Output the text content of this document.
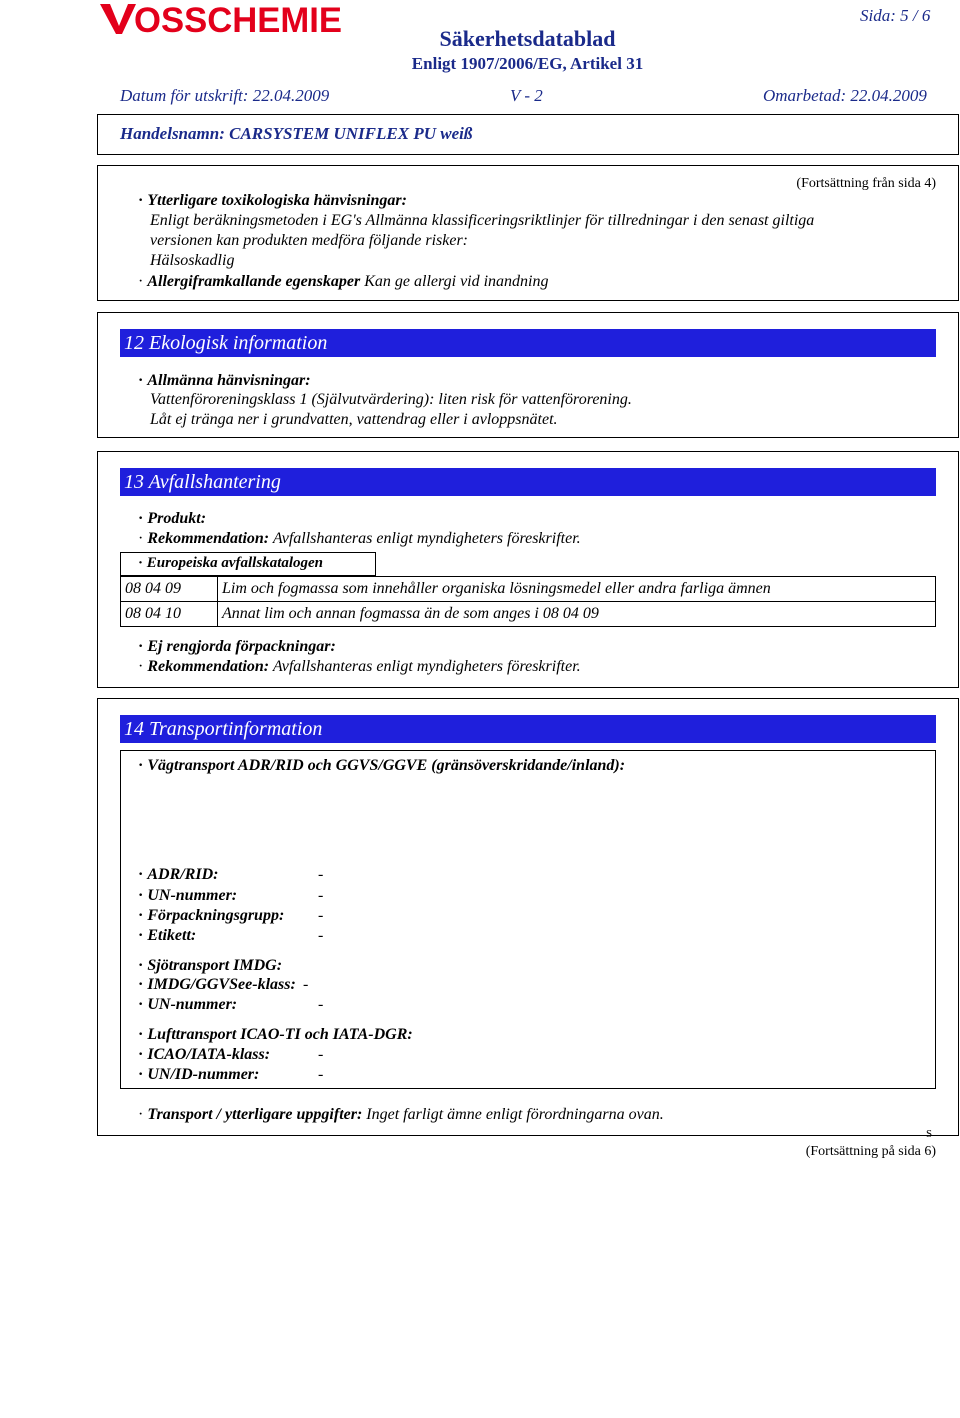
OSSCHEMIE	Sida: 5 / 6
Säkerhetsdatablad
Enligt 1907/2006/EG, Artikel 31
Datum för utskrift: 22.04.2009	V - 2	Omarbetad: 22.04.2009
Handelsnamn: CARSYSTEM UNIFLEX PU weiß
(Fortsättning från sida 4)
· Ytterligare toxikologiska hänvisningar:
Enligt beräkningsmetoden i EG's Allmänna klassificeringsriktlinjer för tillredningar i den senast giltiga
versionen kan produkten medföra följande risker:
Hälsoskadlig
· Allergiframkallande egenskaper Kan ge allergi vid inandning
12 Ekologisk information
· Allmänna hänvisningar:
Vattenföroreningsklass 1 (Självutvärdering): liten risk för vattenförorening.
Låt ej tränga ner i grundvatten, vattendrag eller i avloppsnätet.
13 Avfallshantering
· Produkt:
· Rekommendation: Avfallshanteras enligt myndigheters föreskrifter.
· Europeiska avfallskatalogen
08 04 09	Lim och fogmassa som innehåller organiska lösningsmedel eller andra farliga ämnen
08 04 10	Annat lim och annan fogmassa än de som anges i 08 04 09
· Ej rengjorda förpackningar:
· Rekommendation: Avfallshanteras enligt myndigheters föreskrifter.
14 Transportinformation
· Vägtransport ADR/RID och GGVS/GGVE (gränsöverskridande/inland):
· ADR/RID:	-
· UN-nummer:	-
· Förpackningsgrupp: -
· Etikett:	-
· Sjötransport IMDG:
· IMDG/GGVSee-klass: -
· UN-nummer:	-
· Lufttransport ICAO-TI och IATA-DGR:
· ICAO/IATA-klass:	-
· UN/ID-nummer:	-
· Transport / ytterligare uppgifter: Inget farligt ämne enligt förordningarna ovan.
S
(Fortsättning på sida 6)
